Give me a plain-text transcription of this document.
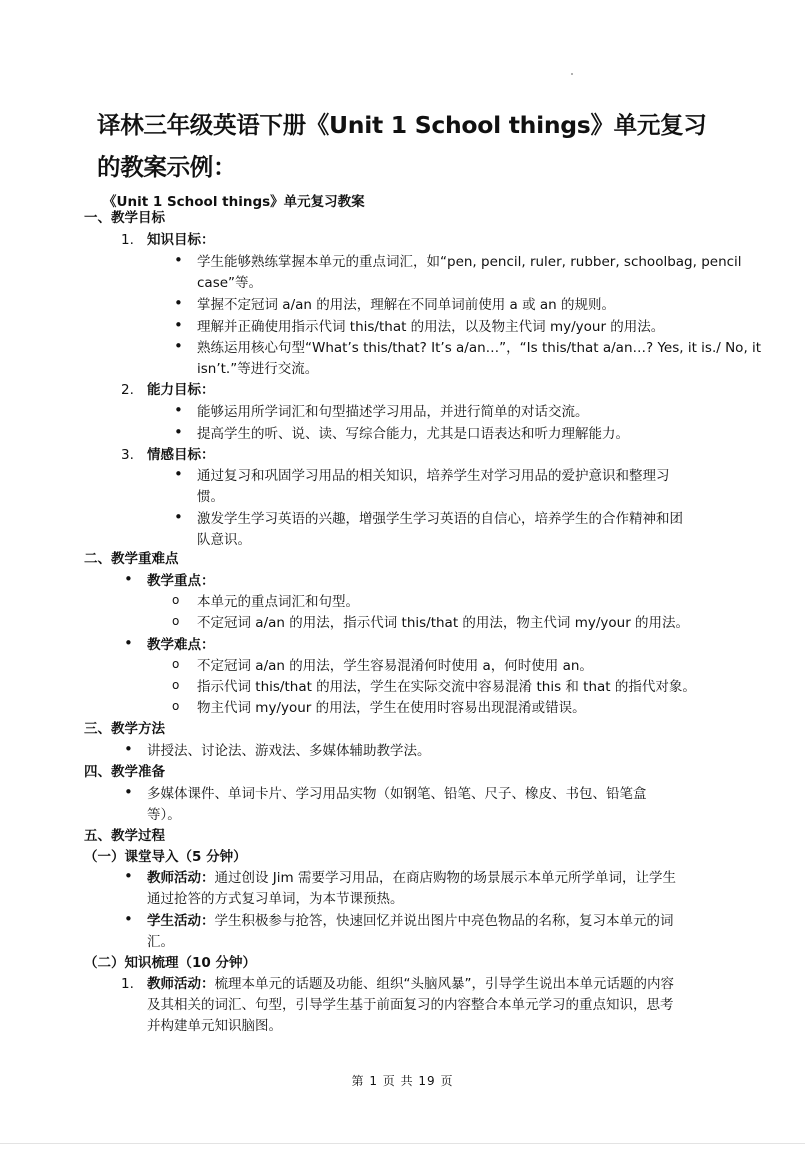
译林三年级英语下册《Unit 1 School things》单元复习的教案示例：
《Unit 1 School things》单元复习教案
一、教学目标
1. 知识目标：
• 学生能够熟练掌握本单元的重点词汇，如“pen, pencil, ruler, rubber, schoolbag, pencil
case”等。
• 掌握不定冠词 a/an 的用法，理解在不同单词前使用 a 或 an 的规则。
• 理解并正确使用指示代词 this/that 的用法，以及物主代词 my/your 的用法。
• 熟练运用核心句型“What’s this/that? It’s a/an…”，“Is this/that a/an…? Yes, it is./ No, it
isn’t.”等进行交流。
2. 能力目标：
• 能够运用所学词汇和句型描述学习用品，并进行简单的对话交流。
• 提高学生的听、说、读、写综合能力，尤其是口语表达和听力理解能力。
3. 情感目标：
• 通过复习和巩固学习用品的相关知识，培养学生对学习用品的爱护意识和整理习
惯。
• 激发学生学习英语的兴趣，增强学生学习英语的自信心，培养学生的合作精神和团
队意识。
二、教学重难点
• 教学重点：
o 本单元的重点词汇和句型。
o 不定冠词 a/an 的用法，指示代词 this/that 的用法，物主代词 my/your 的用法。
• 教学难点：
o 不定冠词 a/an 的用法，学生容易混淆何时使用 a，何时使用 an。
o 指示代词 this/that 的用法，学生在实际交流中容易混淆 this 和 that 的指代对象。
o 物主代词 my/your 的用法，学生在使用时容易出现混淆或错误。
三、教学方法
• 讲授法、讨论法、游戏法、多媒体辅助教学法。
四、教学准备
• 多媒体课件、单词卡片、学习用品实物（如钢笔、铅笔、尺子、橡皮、书包、铅笔盒
等）。
五、教学过程
（一）课堂导入（5 分钟）
• 教师活动：通过创设 Jim 需要学习用品，在商店购物的场景展示本单元所学单词，让学生
通过抢答的方式复习单词，为本节课预热。
• 学生活动：学生积极参与抢答，快速回忆并说出图片中亮色物品的名称，复习本单元的词
汇。
（二）知识梳理（10 分钟）
1. 教师活动：梳理本单元的话题及功能、组织“头脑风暴”，引导学生说出本单元话题的内容
及其相关的词汇、句型，引导学生基于前面复习的内容整合本单元学习的重点知识，思考
并构建单元知识脑图。
第 1 页 共 19 页
